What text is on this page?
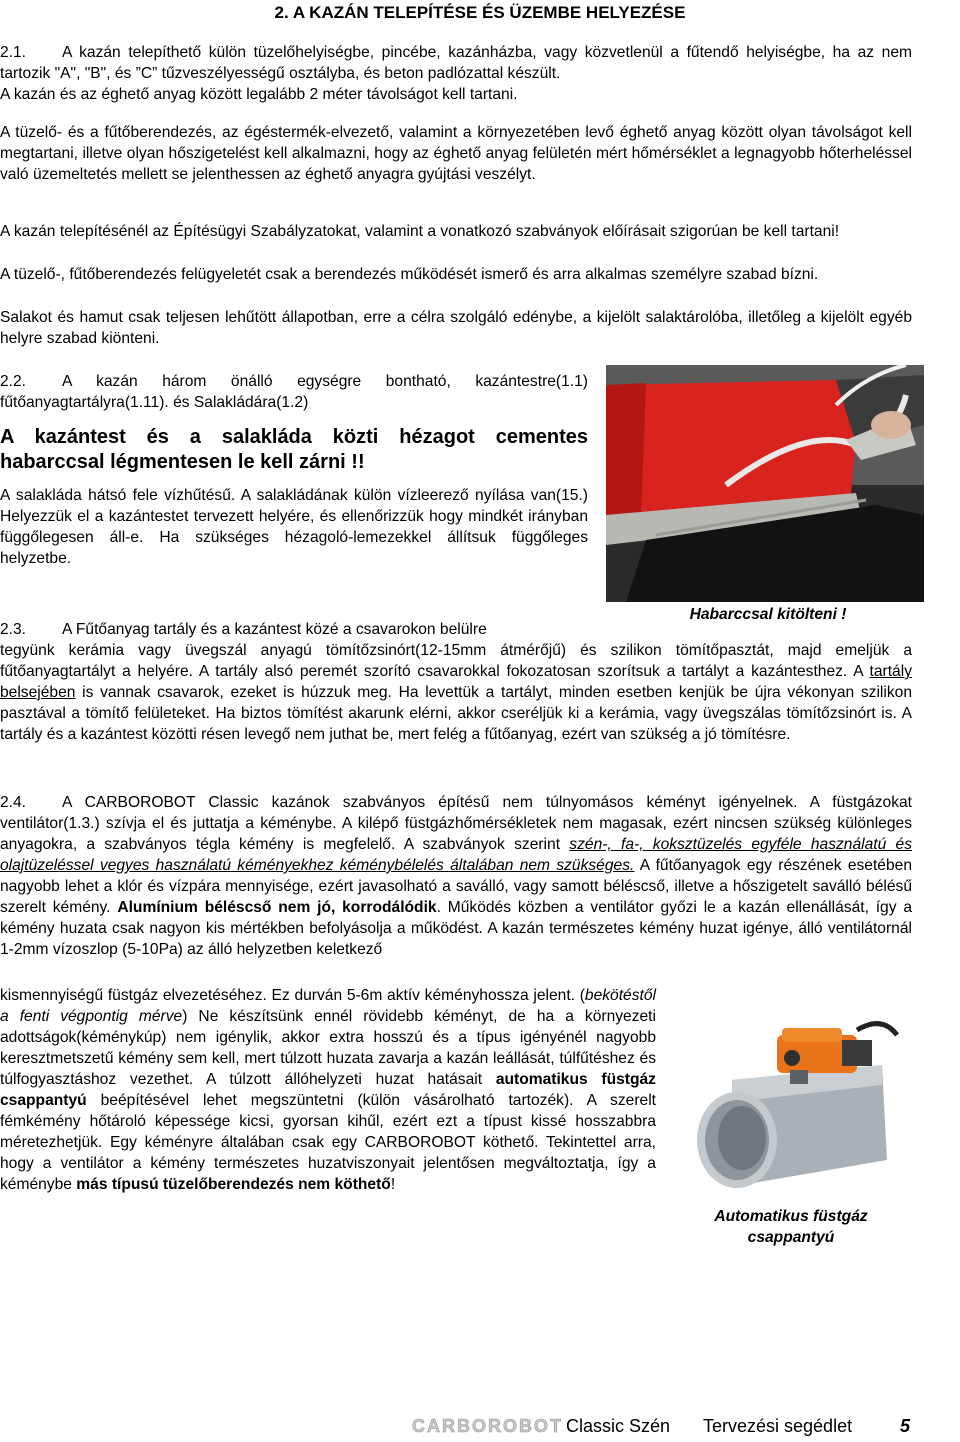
2. A KAZÁN TELEPÍTÉSE ÉS ÜZEMBE HELYEZÉSE

2.1. A kazán telepíthető külön tüzelőhelyiségbe, pincébe, kazánházba, vagy közvetlenül a fűtendő helyiségbe, ha az nem tartozik "A", "B", és ”C” tűzveszélyességű osztályba, és beton padlózattal készült.

A kazán és az éghető anyag között legalább 2 méter távolságot kell tartani.

A tüzelő- és a fűtőberendezés, az égéstermék-elvezető, valamint a környezetében levő éghető anyag között olyan távolságot kell megtartani, illetve olyan hőszigetelést kell alkalmazni, hogy az éghető anyag felületén mért hőmérséklet a legnagyobb hőterheléssel való üzemeltetés mellett se jelenthessen az éghető anyagra gyújtási veszélyt.
A kazán telepítésénél az Építésügyi Szabályzatokat, valamint a vonatkozó szabványok előírásait szigorúan be kell tartani!
A tüzelő-, fűtőberendezés felügyeletét csak a berendezés működését ismerő és arra alkalmas személyre szabad bízni.
Salakot és hamut csak teljesen lehűtött állapotban, erre a célra szolgáló edénybe, a kijelölt salaktárolóba, illetőleg a kijelölt egyéb helyre szabad kiönteni.

2.2. A kazán három önálló egységre bontható, kazántestre(1.1) fűtőanyagtartályra(1.11). és Salakládára(1.2)

A kazántest és a salakláda közti hézagot cementes habarccsal légmentesen le kell zárni !!

A salakláda hátsó fele vízhűtésű. A salakládának külön vízleerező nyílása van(15.) Helyezzük el a kazántestet tervezett helyére, és ellenőrizzük hogy mindkét irányban függőlegesen áll-e. Ha szükséges hézagoló-lemezekkel állítsuk függőleges helyzetbe.

Habarccsal kitölteni !
2.3. A Fűtőanyag tartály és a kazántest közé a csavarokon belülre
tegyünk kerámia vagy üvegszál anyagú tömítőzsinórt(12-15mm átmérőjű) és szilikon tömítőpasztát, majd emeljük a fűtőanyagtartályt a helyére. A tartály alsó peremét szorító csavarokkal fokozatosan szorítsuk a tartályt a kazántesthez. A tartály belsejében is vannak csavarok, ezeket is húzzuk meg. Ha levettük a tartályt, minden esetben kenjük be újra vékonyan szilikon pasztával a tömítő felületeket. Ha biztos tömítést akarunk elérni, akkor cseréljük ki a kerámia, vagy üvegszálas tömítőzsinórt is. A tartály és a kazántest közötti résen levegő nem juthat be, mert felég a fűtőanyag, ezért van szükség a jó tömítésre.
2.4. A CARBOROBOT Classic kazánok szabványos építésű nem túlnyomásos kéményt igényelnek. A füstgázokat ventilátor(1.3.) szívja el és juttatja a kéménybe. A kilépő füstgázhőmérsékletek nem magasak, ezért nincsen szükség különleges anyagokra, a szabványos tégla kémény is megfelelő. A szabványok szerint szén-, fa-, koksztüzelés egyféle használatú és olajtüzeléssel vegyes használatú kéményekhez kéménybélelés általában nem szükséges. A fűtőanyagok egy részének esetében nagyobb lehet a klór és vízpára mennyisége, ezért javasolható a saválló, vagy samott béléscső, illetve a hőszigetelt saválló bélésű szerelt kémény. Alumínium béléscső nem jó, korrodálódik. Működés közben a ventilátor győzi le a kazán ellenállását, így a kémény huzata csak nagyon kis mértékben befolyásolja a működést. A kazán természetes kémény huzat igénye, álló ventilátornál 1-2mm vízoszlop (5-10Pa) az álló helyzetben keletkező
kismennyiségű füstgáz elvezetéséhez. Ez durván 5-6m aktív kéményhossza jelent. (bekötéstől a fenti végpontig mérve) Ne készítsünk ennél rövidebb kéményt, de ha a környezeti adottságok(kéménykúp) nem igénylik, akkor extra hosszú és a típus igényénél nagyobb keresztmetszetű kémény sem kell, mert túlzott huzata zavarja a kazán leállását, túlfűtéshez és túlfogyasztáshoz vezethet. A túlzott állóhelyzeti huzat hatásait automatikus füstgáz csappantyú beépítésével lehet megszüntetni (külön vásárolható tartozék). A szerelt fémkémény hőtároló képessége kicsi, gyorsan kihűl, ezért ezt a típust kissé hosszabbra méretezhetjük. Egy kéményre általában csak egy CARBOROBOT köthető. Tekintettel arra, hogy a ventilátor a kémény természetes huzatviszonyait jelentősen megváltoztatja, így a kéménybe más típusú tüzelőberendezés nem köthető!
Automatikus füstgáz
csappantyú
CARBOROBOT Classic Szén Tervezési segédlet	5
